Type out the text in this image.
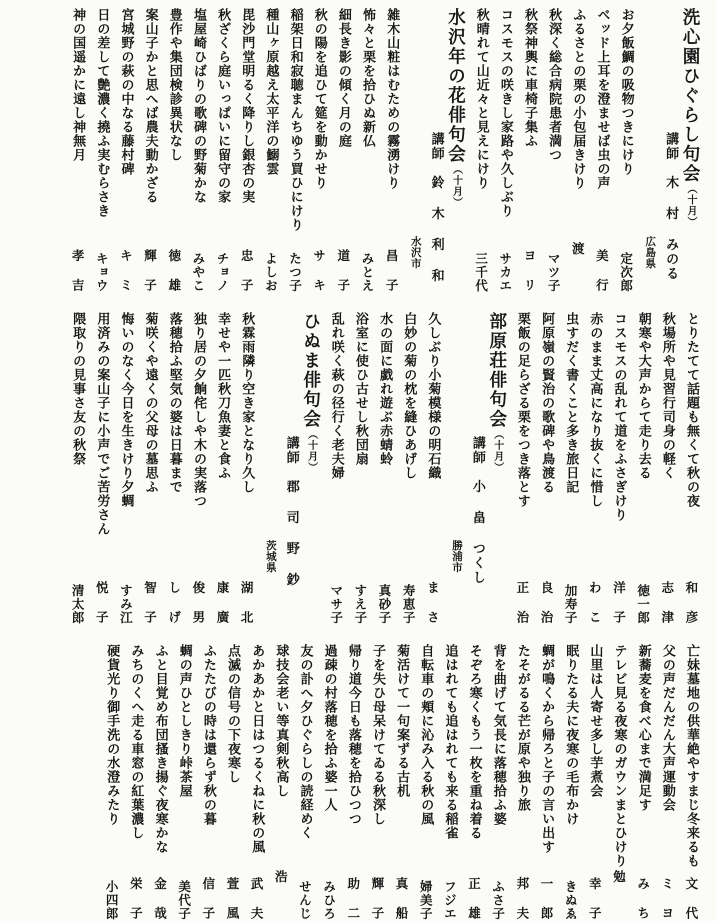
洗心園ひぐらし句会（十月）
講師　木 村 みのる
広島県
お夕飯鯛の吸物つきにけり
定次郎
ベッド上耳を澄ませば虫の声
美 行
ふるさとの栗の小包届きけり
渡
秋深く総合病院患者満つ
マツ子
秋祭神輿に車椅子集ふ
ヨ リ
コスモスの咲きし家路や久しぶり
サカエ
秋晴れて山近々と見えにけり
三千代
水沢年の花俳句会（十月）
講師　鈴 木 利 和
水沢市
雑木山粧はむための霧湧けり
昌 子
怖々と栗を拾ひぬ新仏
みとえ
細長き影の傾く月の庭
道 子
秋の陽を追ひて筵を動かせり
サ キ
稲架日和寂聴まんちゆう買ひにけり
たつ子
種山ヶ原越え太平洋の鰯雲
よしお
毘沙門堂明るく降りし銀杏の実
忠 子
秋ざくら庭いっぱいに留守の家
チョノ
塩屋崎ひばりの歌碑の野菊かな
みやこ
豊作や集団検診異状なし
徳 雄
案山子かと思へば農夫動かざる
輝 子
宮城野の萩の中なる藤村碑
キ ミ
日の差して艶濃く撓ふ実むらさき
キョウ
神の国遥かに遠し神無月
孝 吉
とりたてて話題も無くて秋の夜
和 彦
秋場所や見習行司身の軽く
志 津
朝寒や大声からて走り去る
徳一郎
コスモスの乱れて道をふさぎけり
洋 子
赤のまま丈高になり抜くに惜し
わ こ
虫すだく書くこと多き旅日記
加寿子
阿原嶺の賢治の歌碑や鳥渡る
良 治
栗飯の足らざる栗をつき落とす
正 治
部原荘俳句会（十月）
講師　小 畠 つくし
勝浦市
久しぶり小菊模様の明石織
ま さ
白妙の菊の枕を縫ひあげし
寿恵子
水の面に戯れ遊ぶ赤蜻蛉
真砂子
浴室に使ひ古せし秋団扇
すえ子
乱れ咲く萩の径行く老夫婦
マサ子
ひぬま俳句会（十月）
講師　郡 司 野 鈔
茨城県
秋霖雨隣り空き家となり久し
湖 北
幸せや一匹秋刀魚妻と食ふ
康 廣
独り居の夕餉侘しや木の実落つ
俊 男
落穂拾ふ堅気の婆は日暮まで
し げ
菊咲くや遠くの父母の墓思ふ
智 子
悔いのなく今日を生きけり夕蜩
すみ江
用済みの案山子に小声でご苦労さん
悦 子
隈取りの見事さ友の秋祭
清太郎
亡妹墓地の供華絶やすまじ冬来るも
文 代
父の声だんだん大声運動会
ミ ヨ
新蕎麦を食べ心まで満足す
み ち
テレビ見る夜寒のガウンまとひけり
勉
山里は人寄せ多し芋煮会
幸 子
眠りたる夫に夜寒の毛布かけ
きぬゑ
蜩が鳴くから帰ろと子の言い出す
一 郎
たそがるる芒が原や独り旅
邦 夫
背を曲げて気長に落穂拾ふ婆
ふさ子
そぞろ寒くもう一枚を重ね着る
正 雄
追はれても追はれても来る稲雀
フジエ
自転車の頬に沁み入る秋の風
婦美子
菊活けて一句案ずる古机
真 船
子を失ひ母呆けてゐる秋深し
輝 子
帰り道今日も落穂を拾ひつつ
助 二
過疎の村落穂を拾ふ婆一人
みひろ
友の訃へ夕ひぐらしの読経めく
せんじ
球技会老い等真剣秋高し
浩
あかあかと日はつるくねに秋の風
武 夫
点滅の信号の下夜寒し
萱 風
ふたたびの時は還らず秋の暮
信 子
蜩の声ひとしきり峠茶屋
美代子
ふと目覚め布団搔き揚ぐ夜寒かな
金 哉
みちのくへ走る車窓の紅葉濃し
栄 子
硬貨光り御手洗の水澄みたり
小四郎
